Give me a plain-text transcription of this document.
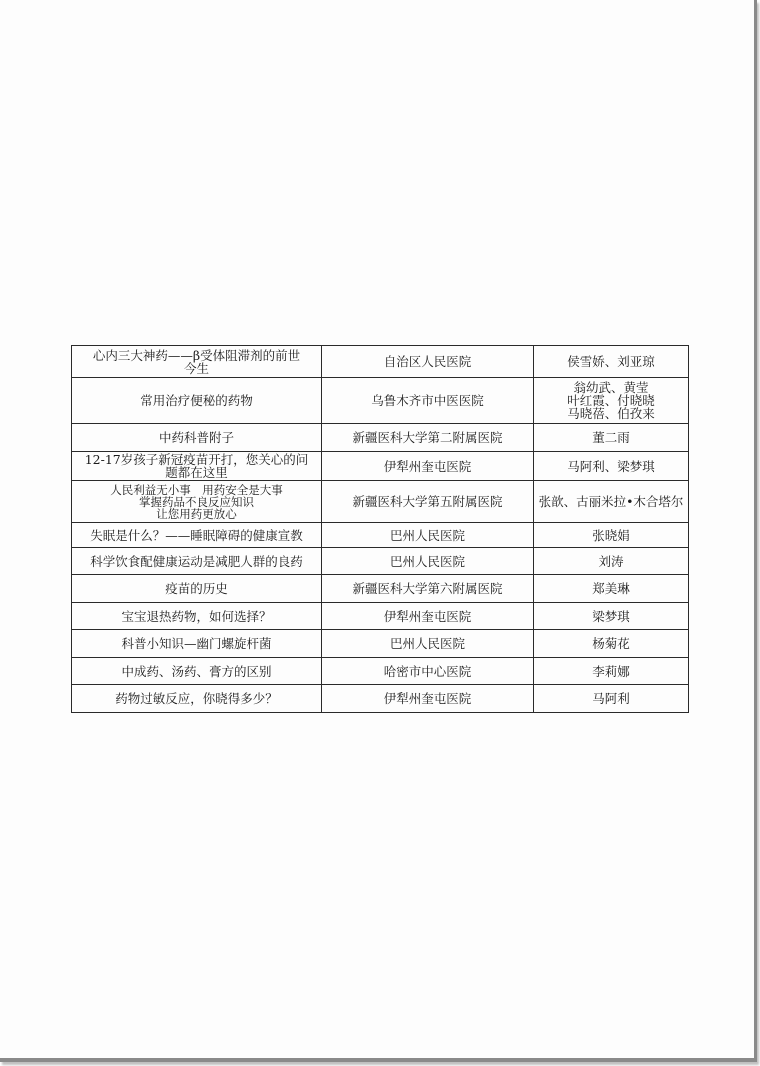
心内三大神药——β受体阻滞剂的前世
今生	自治区人民医院	侯雪娇、刘亚琼
常用治疗便秘的药物	乌鲁木齐市中医医院	翁幼武、黄莹
叶红霞、付晓晓
马晓蓓、伯孜来
中药科普附子	新疆医科大学第二附属医院	董二雨
12-17岁孩子新冠疫苗开打，您关心的问
题都在这里	伊犁州奎屯医院	马阿利、梁梦琪
人民利益无小事　用药安全是大事
掌握药品不良反应知识
让您用药更放心	新疆医科大学第五附属医院	张歆、古丽米拉•木合塔尔
失眠是什么？——睡眠障碍的健康宣教	巴州人民医院	张晓娟
科学饮食配健康运动是减肥人群的良药	巴州人民医院	刘涛
疫苗的历史	新疆医科大学第六附属医院	郑美琳
宝宝退热药物，如何选择？	伊犁州奎屯医院	梁梦琪
科普小知识—幽门螺旋杆菌	巴州人民医院	杨菊花
中成药、汤药、膏方的区别	哈密市中心医院	李莉娜
药物过敏反应，你晓得多少？	伊犁州奎屯医院	马阿利
